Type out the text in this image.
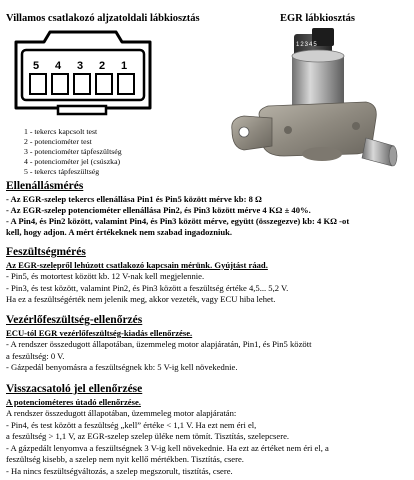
Villamos csatlakozó aljzatoldali lábkiosztás	EGR lábkiosztás
5 4 3 2 1
1 - tekercs kapcsolt test
2 - potenciométer test
3 - potenciométer tápfeszültség
4 - potenciométer jel (csúszka)
5 - tekercs tápfeszültség
12345
Ellenállásmérés
- Az EGR-szelep tekercs ellenállása Pin1 és Pin5 között mérve kb: 8 Ω
- Az EGR-szelep potenciométer ellenállása Pin2, és Pin3 között mérve 4 KΩ ± 40%.
- A Pin4, és Pin2 között, valamint Pin4, és Pin3 között mérve, együtt (összegezve) kb: 4 KΩ -ot
kell, hogy adjon. A mért értékeknek nem szabad ingadozniuk.
Feszültségmérés
Az EGR-szelepről lehúzott csatlakozó kapcsain mérünk. Gyújtást ráad.
- Pin5, és motortest között kb. 12 V-nak kell megjelennie.
- Pin3, és test között, valamint Pin2, és Pin3 között a feszültség értéke 4,5... 5,2 V.
Ha ez a feszültségérték nem jelenik meg, akkor vezeték, vagy ECU hiba lehet.
Vezérlőfeszültség-ellenőrzés
ECU-tól EGR vezérlőfeszültség-kiadás ellenőrzése.
- A rendszer összedugott állapotában, üzemmeleg motor alapjáratán, Pin1, és Pin5 között
a feszültség: 0 V.
- Gázpedál benyomásra a feszültségnek kb: 5 V-ig kell növekednie.
Visszacsatoló jel ellenőrzése
A potenciométeres útadó ellenőrzése.
A rendszer összedugott állapotában, üzemmeleg motor alapjáratán:
- Pin4, és test között a feszültség „kell” értéke < 1,1 V. Ha ezt nem éri el,
a feszültség > 1,1 V, az EGR-szelep szelep üléke nem tömít. Tisztítás, szelepcsere.
- A gázpedált lenyomva a feszültségnek 3 V-ig kell növekednie. Ha ezt az értéket nem éri el, a
feszültség kisebb, a szelep nem nyit kellő mértékben. Tisztítás, csere.
- Ha nincs feszültségváltozás, a szelep megszorult, tisztítás, csere.
